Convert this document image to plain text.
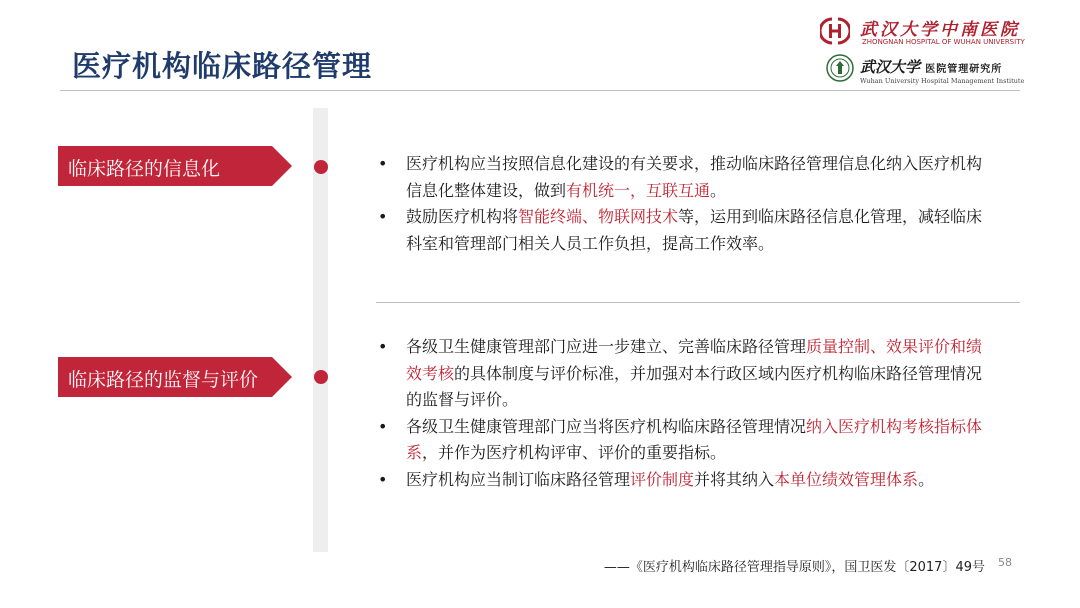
医疗机构临床路径管理
武汉大学中南医院
ZHONGNAN HOSPITAL OF WUHAN UNIVERSITY
武汉大学 医院管理研究所
Wuhan University Hospital Management Institute
临床路径的信息化
临床路径的监督与评价
• 医疗机构应当按照信息化建设的有关要求，推动临床路径管理信息化纳入医疗机构信息化整体建设，做到有机统一，互联互通。
• 鼓励医疗机构将智能终端、物联网技术等，运用到临床路径信息化管理，减轻临床科室和管理部门相关人员工作负担，提高工作效率。
• 各级卫生健康管理部门应进一步建立、完善临床路径管理质量控制、效果评价和绩效考核的具体制度与评价标准，并加强对本行政区域内医疗机构临床路径管理情况的监督与评价。
• 各级卫生健康管理部门应当将医疗机构临床路径管理情况纳入医疗机构考核指标体系，并作为医疗机构评审、评价的重要指标。
• 医疗机构应当制订临床路径管理评价制度并将其纳入本单位绩效管理体系。
——《医疗机构临床路径管理指导原则》，国卫医发〔2017〕49号 58
